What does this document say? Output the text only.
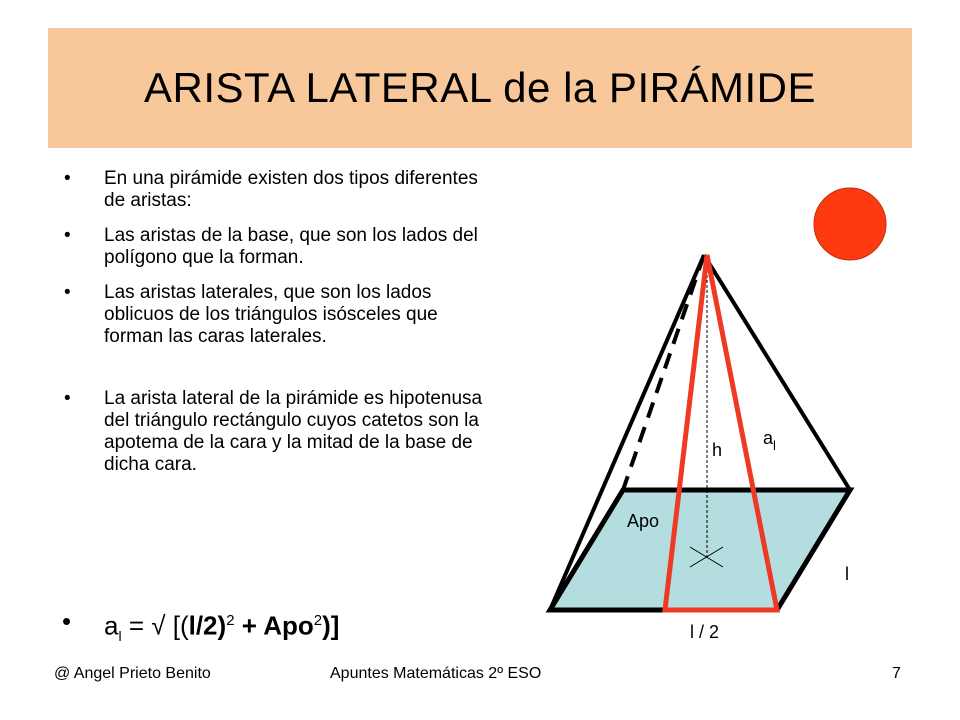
ARISTA LATERAL de la PIRÁMIDE
• En una pirámide existen dos tipos diferentes de aristas:
• Las aristas de la base, que son los lados del polígono que la forman.
• Las aristas laterales, que son los lados oblicuos de los triángulos isósceles que forman las caras laterales.
• La arista lateral de la pirámide es hipotenusa del triángulo rectángulo cuyos catetos son la apotema de la cara y la mitad de la base de dicha cara.
• $a_l$ = √ $[(l/2)^2 + Apo^2)$]
h
$a_l$
Apo
l
l / 2
@ Angel Prieto Benito	Apuntes Matemáticas 2º ESO	7
